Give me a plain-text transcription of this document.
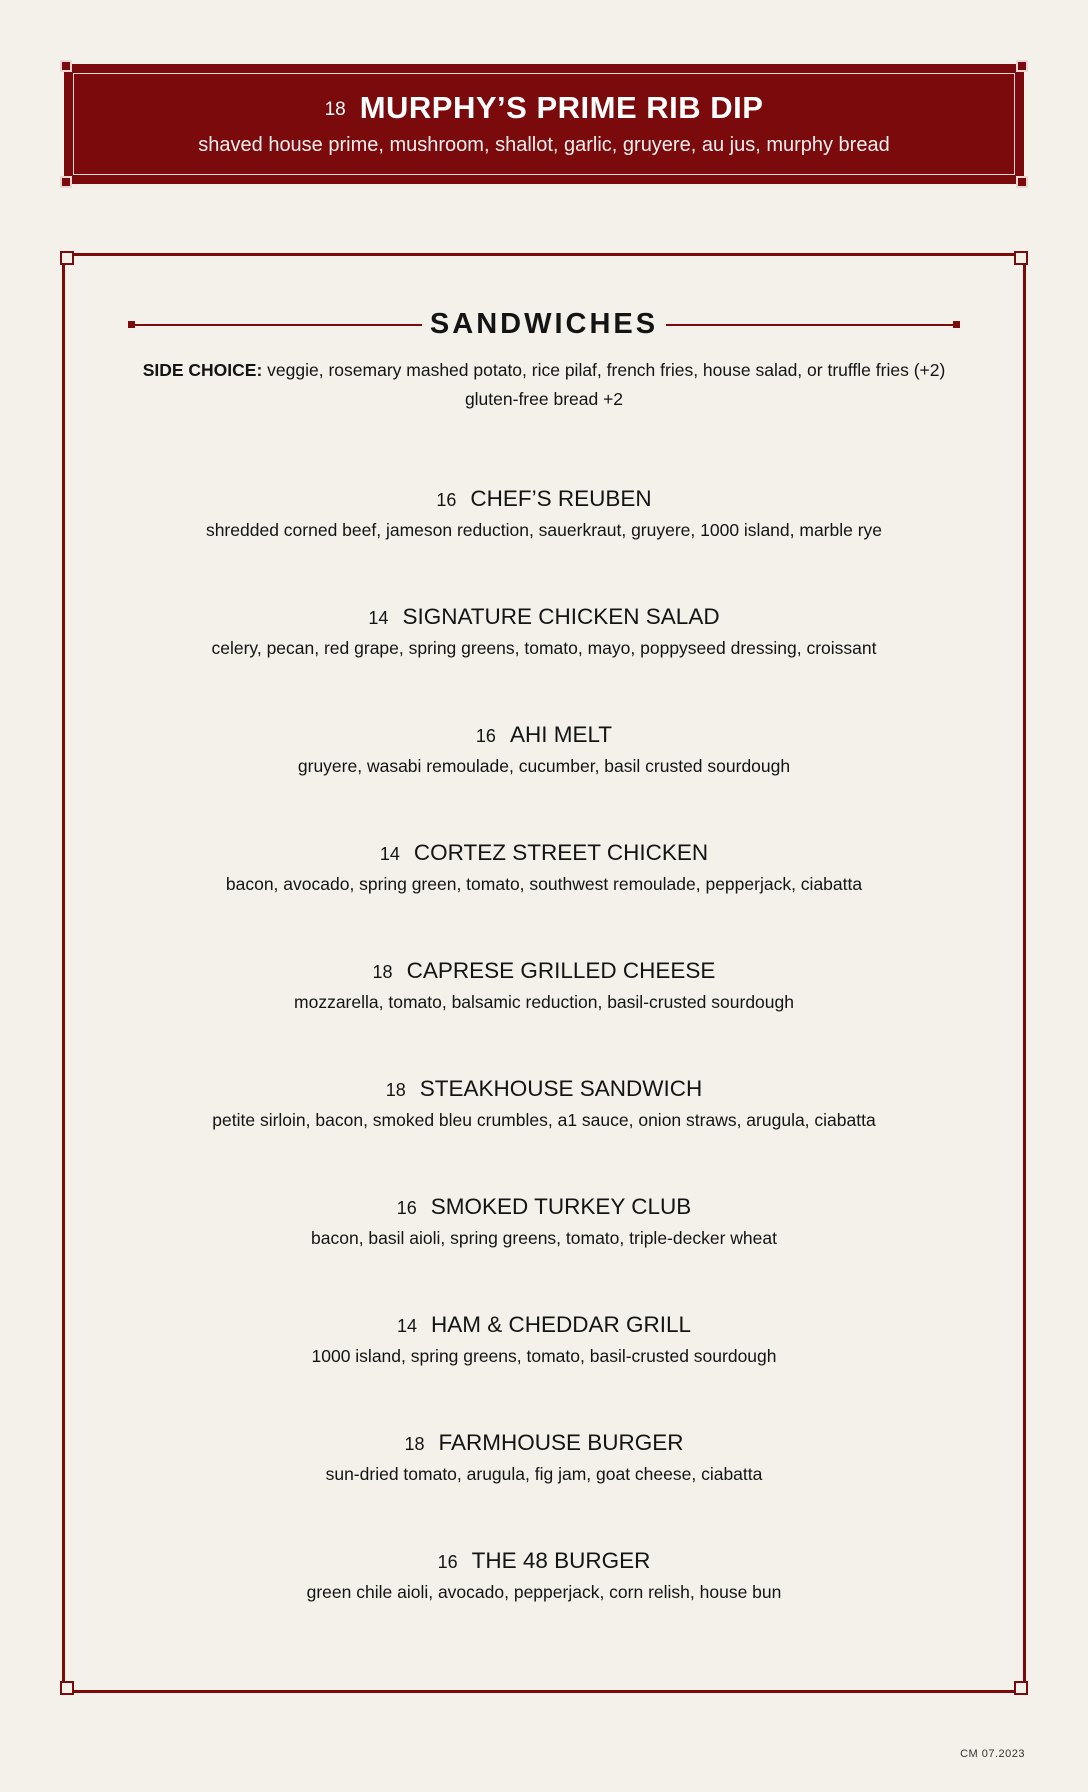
18 MURPHY’S PRIME RIB DIP
shaved house prime, mushroom, shallot, garlic, gruyere, au jus, murphy bread
SANDWICHES
SIDE CHOICE: veggie, rosemary mashed potato, rice pilaf, french fries, house salad, or truffle fries (+2)
gluten-free bread +2
16 CHEF’S REUBEN
shredded corned beef, jameson reduction, sauerkraut, gruyere, 1000 island, marble rye
14 SIGNATURE CHICKEN SALAD
celery, pecan, red grape, spring greens, tomato, mayo, poppyseed dressing, croissant
16 AHI MELT
gruyere, wasabi remoulade, cucumber, basil crusted sourdough
14 CORTEZ STREET CHICKEN
bacon, avocado, spring green, tomato, southwest remoulade, pepperjack, ciabatta
18 CAPRESE GRILLED CHEESE
mozzarella, tomato, balsamic reduction, basil-crusted sourdough
18 STEAKHOUSE SANDWICH
petite sirloin, bacon, smoked bleu crumbles, a1 sauce, onion straws, arugula, ciabatta
16 SMOKED TURKEY CLUB
bacon, basil aioli, spring greens, tomato, triple-decker wheat
14 HAM & CHEDDAR GRILL
1000 island, spring greens, tomato, basil-crusted sourdough
18 FARMHOUSE BURGER
sun-dried tomato, arugula, fig jam, goat cheese, ciabatta
16 THE 48 BURGER
green chile aioli, avocado, pepperjack, corn relish, house bun
CM 07.2023
